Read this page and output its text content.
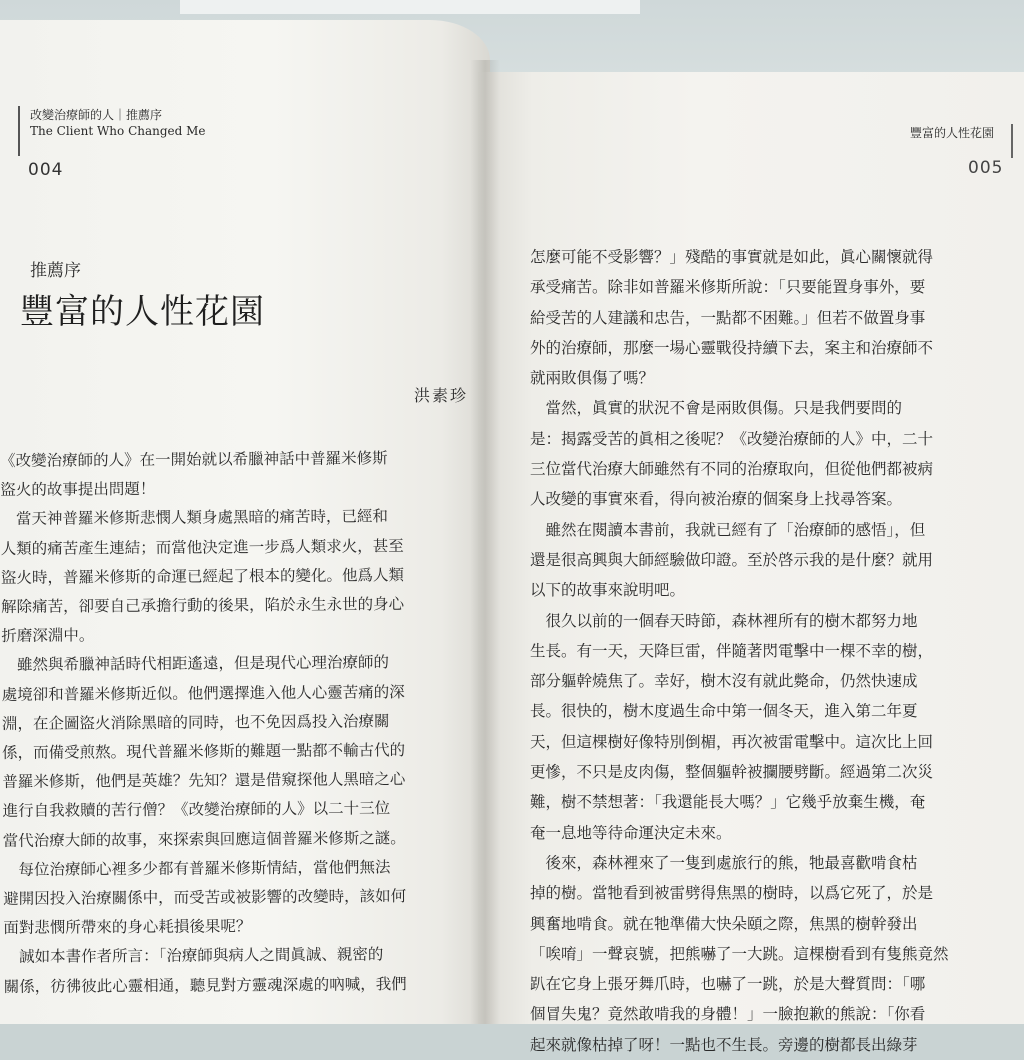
改變治療師的人｜推薦序
The Client Who Changed Me
004
推薦序
豐富的人性花園
洪素珍
《改變治療師的人》在一開始就以希臘神話中普羅米修斯
盜火的故事提出問題！
　當天神普羅米修斯悲憫人類身處黑暗的痛苦時，已經和
人類的痛苦產生連結；而當他決定進一步爲人類求火，甚至
盜火時，普羅米修斯的命運已經起了根本的變化。他爲人類
解除痛苦，卻要自己承擔行動的後果，陷於永生永世的身心
折磨深淵中。
　雖然與希臘神話時代相距遙遠，但是現代心理治療師的
處境卻和普羅米修斯近似。他們選擇進入他人心靈苦痛的深
淵，在企圖盜火消除黑暗的同時，也不免因爲投入治療關
係，而備受煎熬。現代普羅米修斯的難題一點都不輸古代的
普羅米修斯，他們是英雄？先知？還是借窺探他人黑暗之心
進行自我救贖的苦行僧？《改變治療師的人》以二十三位
當代治療大師的故事，來探索與回應這個普羅米修斯之謎。
　每位治療師心裡多少都有普羅米修斯情結，當他們無法
避開因投入治療關係中，而受苦或被影響的改變時，該如何
面對悲憫所帶來的身心耗損後果呢？
　誠如本書作者所言：「治療師與病人之間眞誠、親密的
關係，彷彿彼此心靈相通，聽見對方靈魂深處的吶喊，我們
豐富的人性花園
005
怎麼可能不受影響？」殘酷的事實就是如此，眞心關懷就得
承受痛苦。除非如普羅米修斯所說：「只要能置身事外，要
給受苦的人建議和忠告，一點都不困難。」但若不做置身事
外的治療師，那麼一場心靈戰役持續下去，案主和治療師不
就兩敗俱傷了嗎？
　當然，眞實的狀況不會是兩敗俱傷。只是我們要問的
是：揭露受苦的眞相之後呢？《改變治療師的人》中，二十
三位當代治療大師雖然有不同的治療取向，但從他們都被病
人改變的事實來看，得向被治療的個案身上找尋答案。
　雖然在閱讀本書前，我就已經有了「治療師的感悟」，但
還是很高興與大師經驗做印證。至於啓示我的是什麼？就用
以下的故事來說明吧。
　很久以前的一個春天時節，森林裡所有的樹木都努力地
生長。有一天，天降巨雷，伴隨著閃電擊中一棵不幸的樹，
部分軀幹燒焦了。幸好，樹木沒有就此斃命，仍然快速成
長。很快的，樹木度過生命中第一個冬天，進入第二年夏
天，但這棵樹好像特別倒楣，再次被雷電擊中。這次比上回
更慘，不只是皮肉傷，整個軀幹被攔腰劈斷。經過第二次災
難，樹不禁想著：「我還能長大嗎？」它幾乎放棄生機，奄
奄一息地等待命運決定未來。
　後來，森林裡來了一隻到處旅行的熊，牠最喜歡啃食枯
掉的樹。當牠看到被雷劈得焦黑的樹時，以爲它死了，於是
興奮地啃食。就在牠準備大快朵頤之際，焦黑的樹幹發出
「唉唷」一聲哀號，把熊嚇了一大跳。這棵樹看到有隻熊竟然
趴在它身上張牙舞爪時，也嚇了一跳，於是大聲質問：「哪
個冒失鬼？竟然敢啃我的身體！」一臉抱歉的熊說：「你看
起來就像枯掉了呀！一點也不生長。旁邊的樹都長出綠芽
